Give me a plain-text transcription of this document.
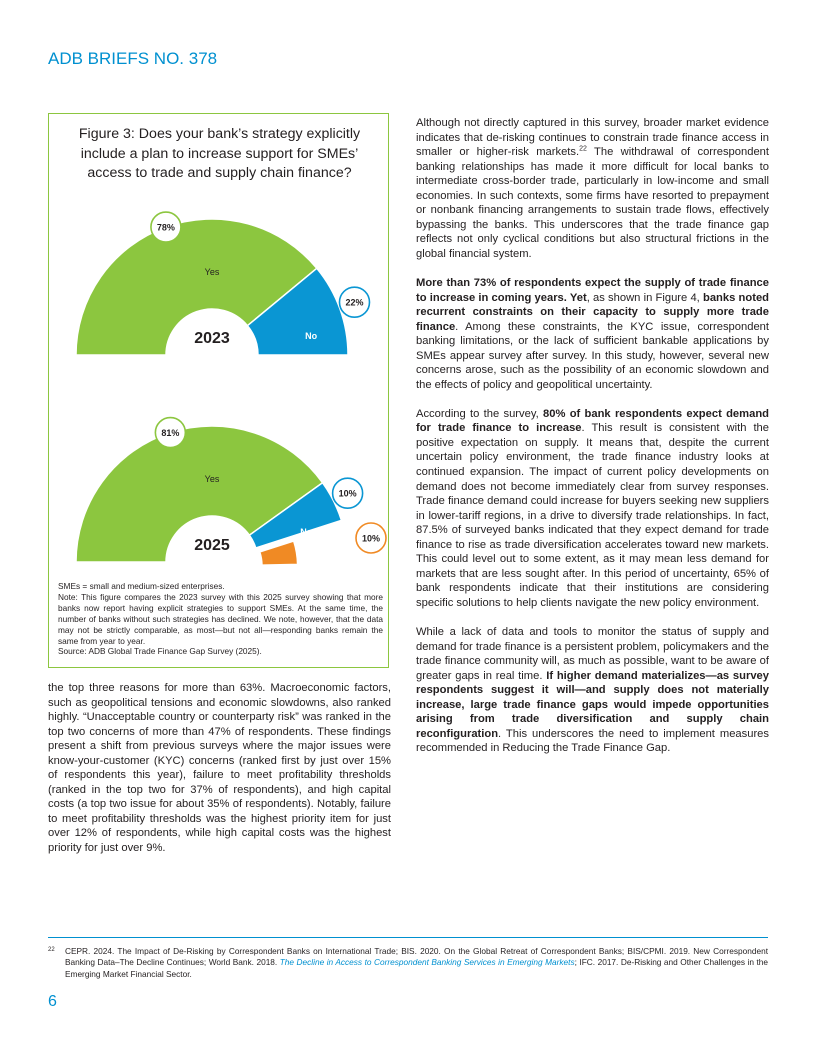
ADB BRIEFS NO. 378
Figure 3: Does your bank’s strategy explicitly include a plan to increase support for SMEs’ access to trade and supply chain finance?
2023
Yes
78%
No
22%
2025
Yes
81%
No
10%
Don’t know
10%

SMEs = small and medium-sized enterprises.

Note: This figure compares the 2023 survey with this 2025 survey showing that more banks now report having explicit strategies to support SMEs. At the same time, the number of banks without such strategies has declined. We note, however, that the data may not be strictly comparable, as most—but not all—responding banks remain the same from year to year.

Source: ADB Global Trade Finance Gap Survey (2025).

the top three reasons for more than 63%. Macroeconomic factors, such as geopolitical tensions and economic slowdowns, also ranked highly. “Unacceptable country or counterparty risk” was ranked in the top two concerns of more than 47% of respondents. These findings present a shift from previous surveys where the major issues were know-your-customer (KYC) concerns (ranked first by just over 15% of respondents this year), failure to meet profitability thresholds (ranked in the top two for 37% of respondents), and high capital costs (a top two issue for about 35% of respondents). Notably, failure to meet profitability thresholds was the highest priority item for just over 12% of respondents, while high capital costs was the highest priority for just over 9%.

Although not directly captured in this survey, broader market evidence indicates that de-risking continues to constrain trade finance access in smaller or higher-risk markets.$^{22}$ The withdrawal of correspondent banking relationships has made it more difficult for local banks to intermediate cross-border trade, particularly in low-income and small economies. In such contexts, some firms have resorted to prepayment or nonbank financing arrangements to sustain trade flows, effectively bypassing the banks. This underscores that the trade finance gap reflects not only cyclical conditions but also structural frictions in the global financial system.

More than 73% of respondents expect the supply of trade finance to increase in coming years. Yet, as shown in Figure 4, banks noted recurrent constraints on their capacity to supply more trade finance. Among these constraints, the KYC issue, correspondent banking limitations, or the lack of sufficient bankable applications by SMEs appear survey after survey. In this study, however, several new concerns arose, such as the possibility of an economic slowdown and the effects of policy and geopolitical uncertainty.

According to the survey, 80% of bank respondents expect demand for trade finance to increase. This result is consistent with the positive expectation on supply. It means that, despite the current uncertain policy environment, the trade finance industry looks at continued expansion. The impact of current policy developments on demand does not become immediately clear from survey responses. Trade finance demand could increase for buyers seeking new suppliers in lower-tariff regions, in a drive to diversify trade relationships. In fact, 87.5% of surveyed banks indicated that they expect demand for trade finance to rise as trade diversification accelerates toward new markets. This could level out to some extent, as it may mean less demand for markets that are less sought after. In this period of uncertainty, 65% of bank respondents indicate that their institutions are considering specific solutions to help clients navigate the new policy environment.

While a lack of data and tools to monitor the status of supply and demand for trade finance is a persistent problem, policymakers and the trade finance community will, as much as possible, want to be aware of greater gaps in real time. If higher demand materializes—as survey respondents suggest it will—and supply does not materially increase, large trade finance gaps would impede opportunities arising from trade diversification and supply chain reconfiguration. This underscores the need to implement measures recommended in Reducing the Trade Finance Gap.

22 CEPR. 2024. The Impact of De-Risking by Correspondent Banks on International Trade; BIS. 2020. On the Global Retreat of Correspondent Banks; BIS/CPMI. 2019. New Correspondent Banking Data–The Decline Continues; World Bank. 2018. The Decline in Access to Correspondent Banking Services in Emerging Markets; IFC. 2017. De-Risking and Other Challenges in the Emerging Market Financial Sector.
6
